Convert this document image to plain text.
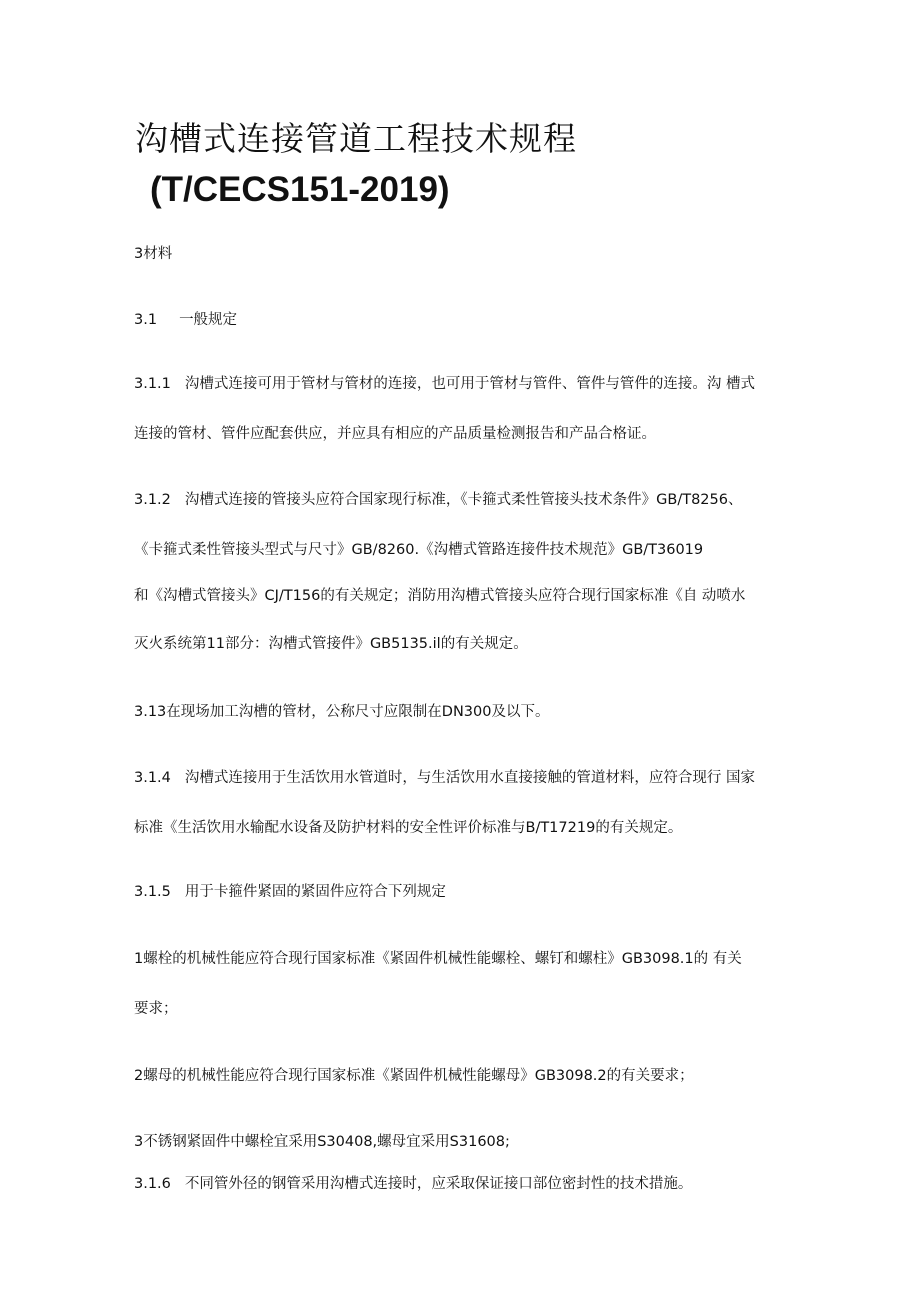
沟槽式连接管道工程技术规程
(T/CECS151-2019)
3材料
3.1 一般规定
3.1.1 沟槽式连接可用于管材与管材的连接，也可用于管材与管件、管件与管件的连接。沟 槽式
连接的管材、管件应配套供应，并应具有相应的产品质量检测报告和产品合格证。
3.1.2 沟槽式连接的管接头应符合国家现行标准，《卡箍式柔性管接头技术条件》GB/T8256、
《卡箍式柔性管接头型式与尺寸》GB/8260.《沟槽式管路连接件技术规范》GB/T36019
和《沟槽式管接头》CJ/T156的有关规定；消防用沟槽式管接头应符合现行国家标准《自 动喷水
灭火系统第11部分：沟槽式管接件》GB5135.il的有关规定。
3.13在现场加工沟槽的管材，公称尺寸应限制在DN300及以下。
3.1.4 沟槽式连接用于生活饮用水管道时，与生活饮用水直接接触的管道材料，应符合现行 国家
标准《生活饮用水输配水设备及防护材料的安全性评价标准与B/T17219的有关规定。
3.1.5 用于卡箍件紧固的紧固件应符合下列规定
1螺栓的机械性能应符合现行国家标准《紧固件机械性能螺栓、螺钉和螺柱》GB3098.1的 有关
要求；
2螺母的机械性能应符合现行国家标准《紧固件机械性能螺母》GB3098.2的有关要求；
3不锈钢紧固件中螺栓宜采用S30408,螺母宜采用S31608;
3.1.6 不同管外径的钢管采用沟槽式连接时，应采取保证接口部位密封性的技术措施。
